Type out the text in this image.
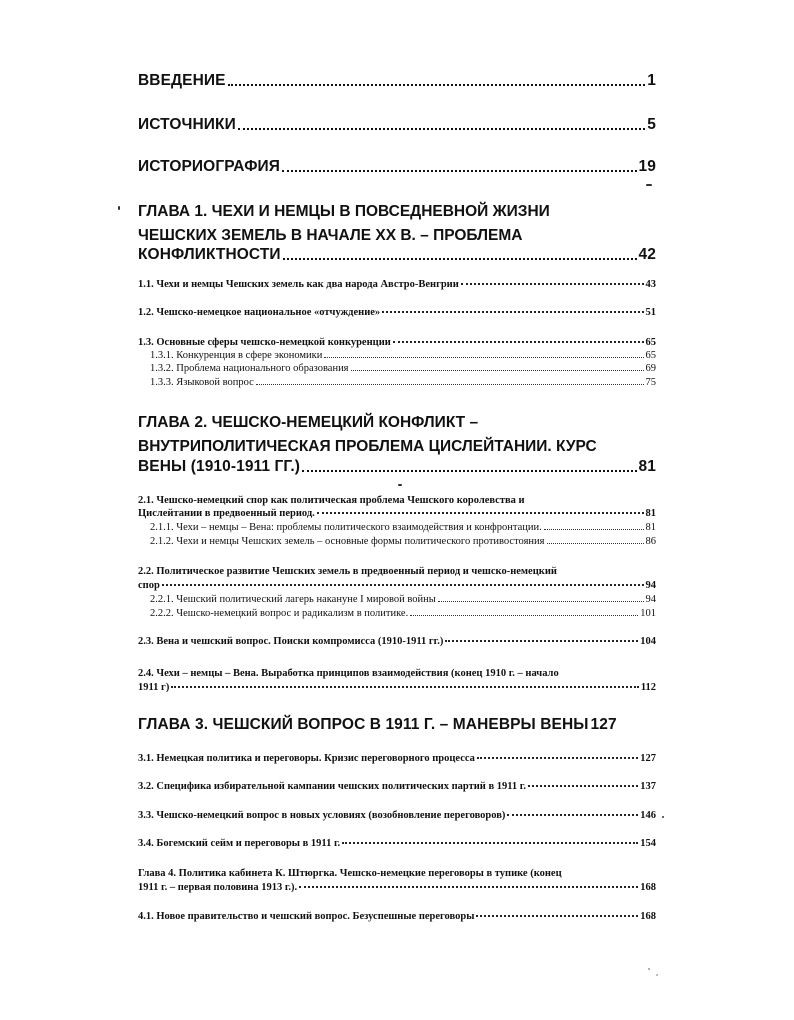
ВВЕДЕНИЕ	1
ИСТОЧНИКИ	5
ИСТОРИОГРАФИЯ	19
ГЛАВА 1. ЧЕХИ И НЕМЦЫ В ПОВСЕДНЕВНОЙ ЖИЗНИ
ЧЕШСКИХ ЗЕМЕЛЬ В НАЧАЛЕ XX В. – ПРОБЛЕМА
КОНФЛИКТНОСТИ	42
1.1. Чехи и немцы Чешских земель как два народа Австро-Венгрии	43
1.2. Чешско-немецкое национальное «отчуждение»	51
1.3. Основные сферы чешско-немецкой конкуренции	65
1.3.1. Конкуренция в сфере экономики	65
1.3.2. Проблема национального образования	69
1.3.3. Языковой вопрос	75
ГЛАВА 2. ЧЕШСКО-НЕМЕЦКИЙ КОНФЛИКТ –
ВНУТРИПОЛИТИЧЕСКАЯ ПРОБЛЕМА ЦИСЛЕЙТАНИИ. КУРС
ВЕНЫ (1910-1911 ГГ.)	81
2.1. Чешско-немецкий спор как политическая проблема Чешского королевства и
Цислейтании в предвоенный период.	81
2.1.1. Чехи – немцы – Вена: проблемы политического взаимодействия и конфронтации.	81
2.1.2. Чехи и немцы Чешских земель – основные формы политического противостояния	86
2.2. Политическое развитие Чешских земель в предвоенный период и чешско-немецкий
спор	94
2.2.1. Чешский политический лагерь накануне I мировой войны	94
2.2.2. Чешско-немецкий вопрос и радикализм в политике.	101
2.3. Вена и чешский вопрос. Поиски компромисса (1910-1911 гг.)	104
2.4. Чехи – немцы – Вена. Выработка принципов взаимодействия (конец 1910 г. – начало
1911 г)	112
ГЛАВА 3. ЧЕШСКИЙ ВОПРОС В 1911 Г. – МАНЕВРЫ ВЕНЫ 127
3.1. Немецкая политика и переговоры. Кризис переговорного процесса	127
3.2. Специфика избирательной кампании чешских политических партий в 1911 г.	137
3.3. Чешско-немецкий вопрос в новых условиях (возобновление переговоров)	146
3.4. Богемский сейм и переговоры в 1911 г.	154
Глава 4. Политика кабинета К. Штюргка. Чешско-немецкие переговоры в тупике (конец
1911 г. – первая половина 1913 г.).	168
4.1. Новое правительство и чешский вопрос. Безуспешные переговоры	168
